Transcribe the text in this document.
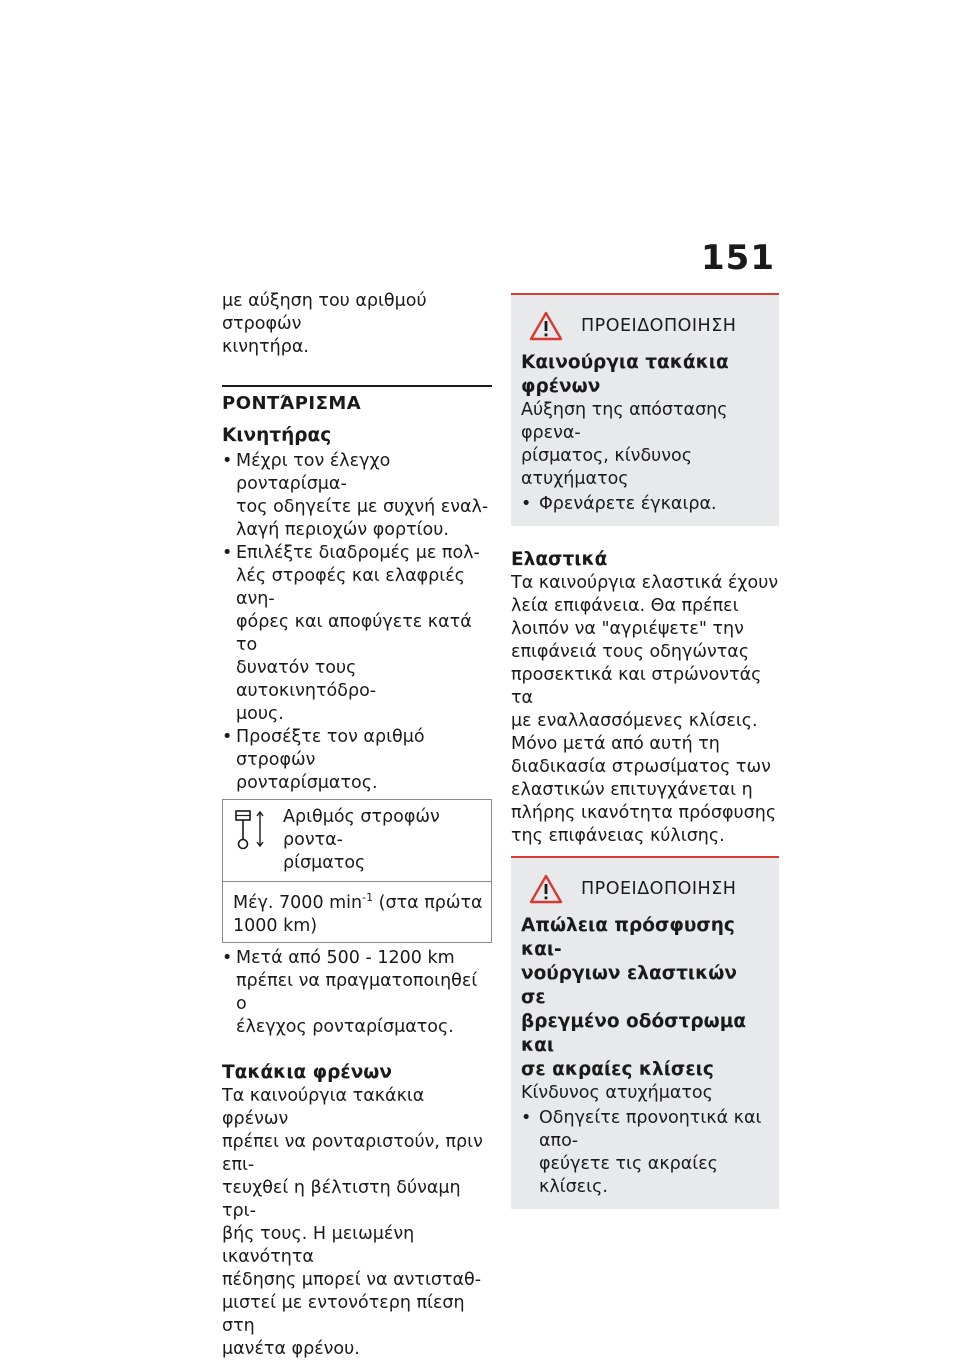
151
με αύξηση του αριθμού στροφών
κινητήρα.
ΡΟΝΤΆΡΙΣΜΑ
Κινητήρας
• Μέχρι τον έλεγχο ρονταρίσμα-
τος οδηγείτε με συχνή εναλ-
λαγή περιοχών φορτίου.
• Επιλέξτε διαδρομές με πολ-
λές στροφές και ελαφριές ανη-
φόρες και αποφύγετε κατά το
δυνατόν τους αυτοκινητόδρο-
μους.
• Προσέξτε τον αριθμό στροφών
ρονταρίσματος.
Αριθμός στροφών ροντα-
ρίσματος
Μέγ. 7000 $\min^{-1} (\sigma\tau\alpha$ πρώτα
1000 km)
• Μετά από 500 - 1200 km
πρέπει να πραγματοποιηθεί ο
έλεγχος ρονταρίσματος.
Τακάκια φρένων
Τα καινούργια τακάκια φρένων
πρέπει να ρονταριστούν, πριν επι-
τευχθεί η βέλτιστη δύναμη τρι-
βής τους. Η μειωμένη ικανότητα
πέδησης μπορεί να αντισταθ-
μιστεί με εντονότερη πίεση στη
μανέτα φρένου.
ΠΡΟΕΙΔΟΠΟΙΗΣΗ
Καινούργια τακάκια
φρένων
Αύξηση της απόστασης φρενα-
ρίσματος, κίνδυνος ατυχήματος
• Φρενάρετε έγκαιρα.
Ελαστικά
Τα καινούργια ελαστικά έχουν
λεία επιφάνεια. Θα πρέπει
λοιπόν να "αγριέψετε" την
επιφάνειά τους οδηγώντας
προσεκτικά και στρώνοντάς τα
με εναλλασσόμενες κλίσεις.
Μόνο μετά από αυτή τη
διαδικασία στρωσίματος των
ελαστικών επιτυγχάνεται η
πλήρης ικανότητα πρόσφυσης
της επιφάνειας κύλισης.
ΠΡΟΕΙΔΟΠΟΙΗΣΗ
Απώλεια πρόσφυσης και-
νούργιων ελαστικών σε
βρεγμένο οδόστρωμα και
σε ακραίες κλίσεις
Κίνδυνος ατυχήματος
• Οδηγείτε προνοητικά και απο-
φεύγετε τις ακραίες κλίσεις.
